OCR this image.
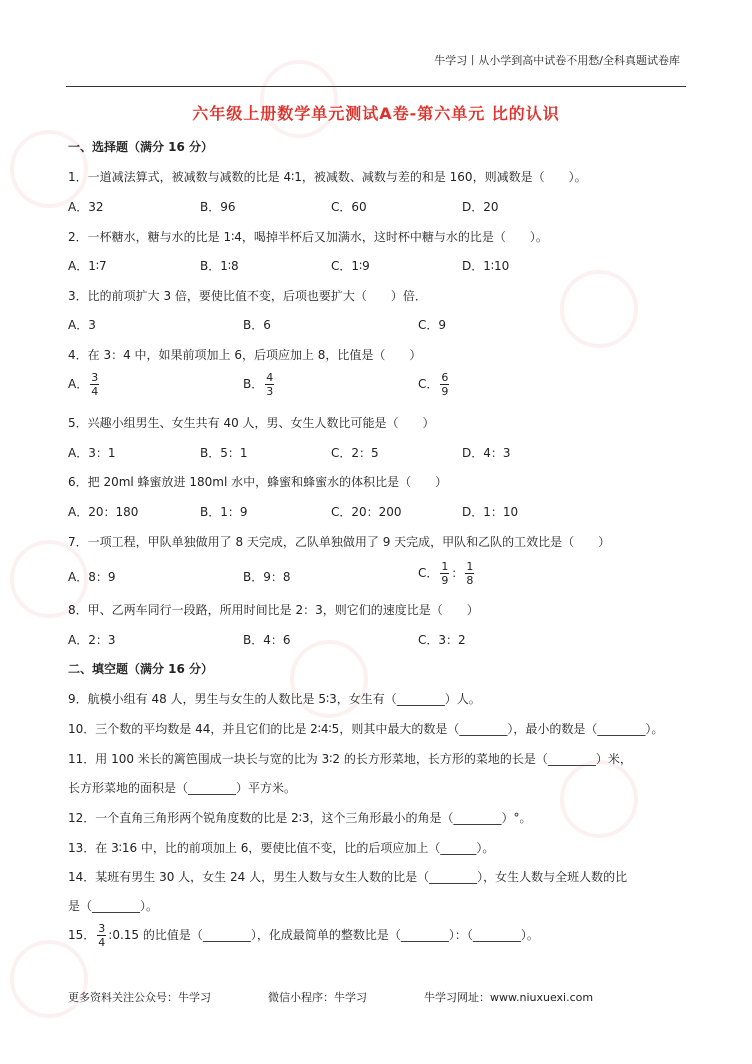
牛学习丨从小学到高中试卷不用愁/全科真题试卷库
六年级上册数学单元测试A卷-第六单元 比的认识
一、选择题（满分 16 分）
1．一道减法算式，被减数与减数的比是 4∶1，被减数、减数与差的和是 160，则减数是（　　）。
A．32	B．96	C．60	D．20
2．一杯糖水，糖与水的比是 1∶4，喝掉半杯后又加满水，这时杯中糖与水的比是（　　）。
A．1∶7	B．1∶8	C．1∶9	D．1∶10
3．比的前项扩大 3 倍，要使比值不变，后项也要扩大（　　）倍．
A．3	B．6	C．9
4．在 3：4 中，如果前项加上 6，后项应加上 8，比值是（　　）
A． $\frac{3}{4}$	B． $\frac{4}{3}$	C． $\frac{6}{9}$
5．兴趣小组男生、女生共有 40 人，男、女生人数比可能是（　　）
A．3：1	B．5：1	C．2：5	D．4：3
6．把 20ml 蜂蜜放进 180ml 水中，蜂蜜和蜂蜜水的体积比是（　　）
A．20：180	B．1：9	C．20：200	D．1：10
7．一项工程，甲队单独做用了 8 天完成，乙队单独做用了 9 天完成，甲队和乙队的工效比是（　　）
A．8：9	B．9：8	C． $\frac{1}{9}$ ： $\frac{1}{8}$
8．甲、乙两车同行一段路，所用时间比是 2：3，则它们的速度比是（　　）
A．2：3	B．4：6	C．3：2
二、填空题（满分 16 分）
9．航模小组有 48 人，男生与女生的人数比是 5∶3，女生有（________）人。
10．三个数的平均数是 44，并且它们的比是 2∶4∶5，则其中最大的数是（________），最小的数是（________）。
11．用 100 米长的篱笆围成一块长与宽的比为 3∶2 的长方形菜地，长方形的菜地的长是（________）米，
长方形菜地的面积是（________）平方米。
12．一个直角三角形两个锐角度数的比是 2∶3，这个三角形最小的角是（________）°。
13．在 3∶16 中，比的前项加上 6，要使比值不变，比的后项应加上（______）。
14．某班有男生 30 人，女生 24 人，男生人数与女生人数的比是（________），女生人数与全班人数的比
是（________）。
15． $\frac{3}{4}$ :0.15 的比值是（________），化成最简单的整数比是（________）：（________）。
更多资料关注公众号：牛学习	微信小程序：牛学习	牛学习网址：www.niuxuexi.com
